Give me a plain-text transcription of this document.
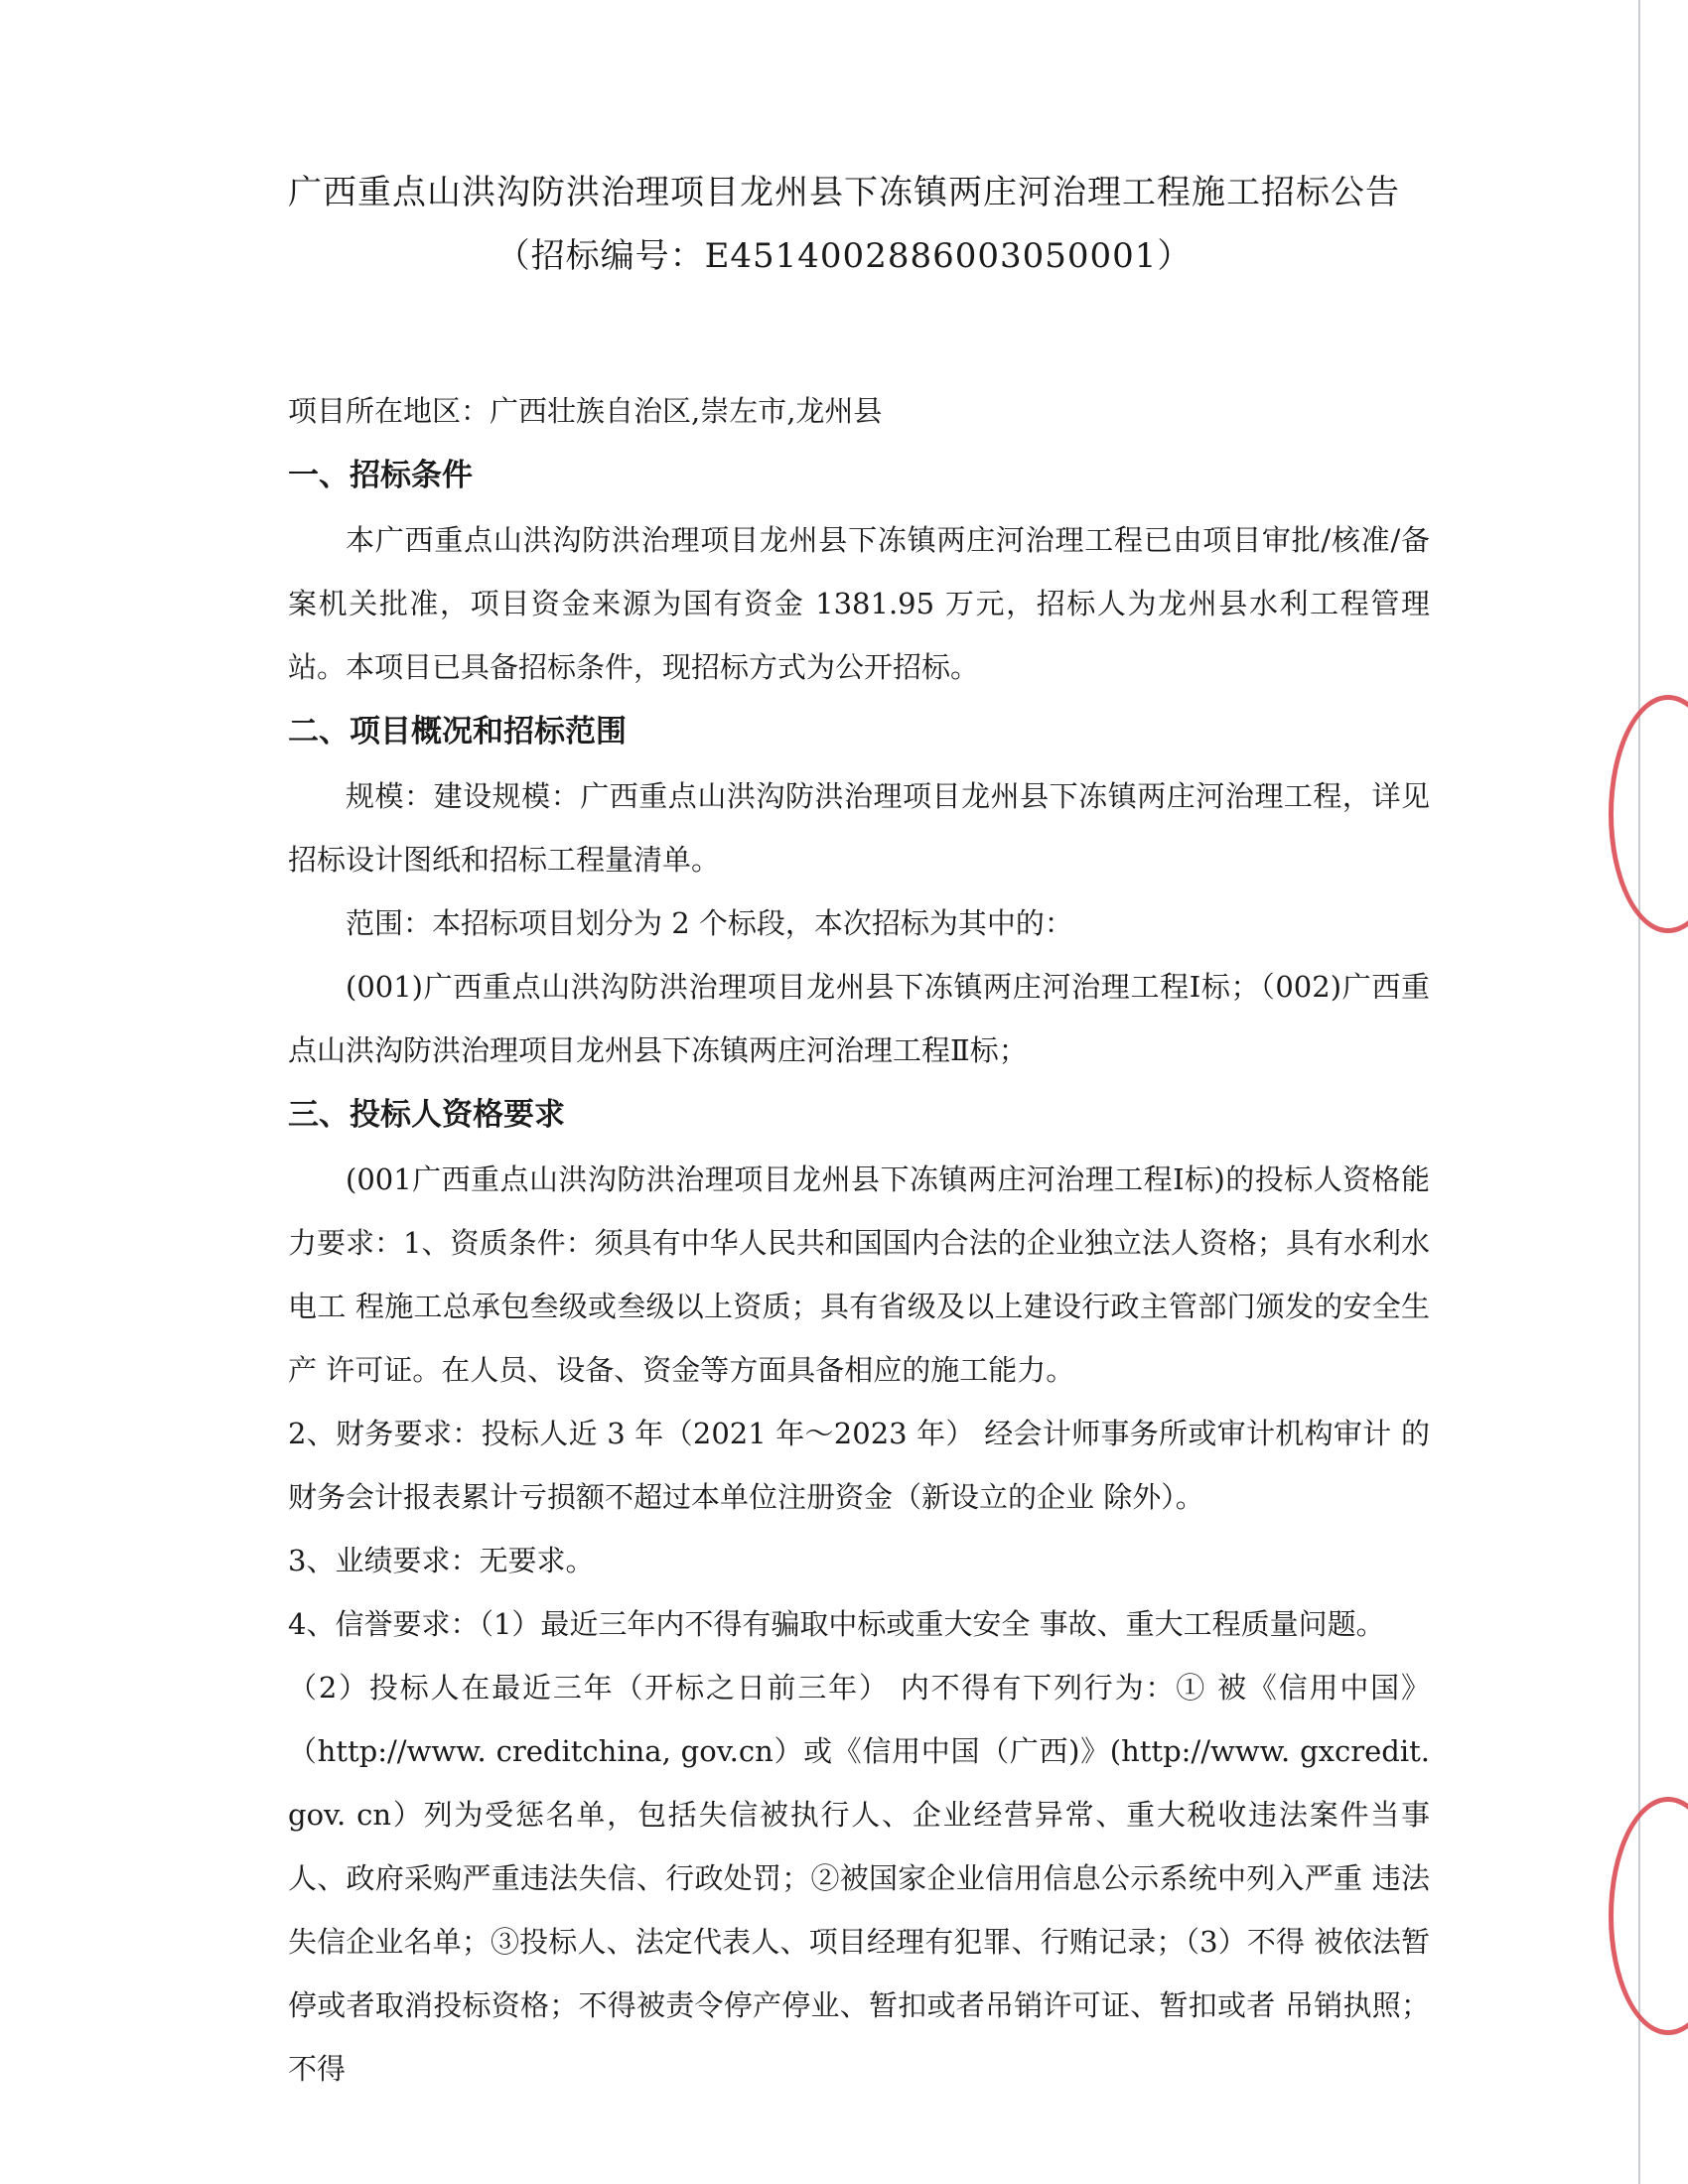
广西重点山洪沟防洪治理项目龙州县下冻镇两庄河治理工程施工招标公告
（招标编号：E4514002886003050001）

项目所在地区：广西壮族自治区,崇左市,龙州县

一、招标条件

本广西重点山洪沟防洪治理项目龙州县下冻镇两庄河治理工程已由项目审批/核准/备案机关批准，项目资金来源为国有资金 1381.95 万元，招标人为龙州县水利工程管理站。本项目已具备招标条件，现招标方式为公开招标。

二、项目概况和招标范围

规模：建设规模：广西重点山洪沟防洪治理项目龙州县下冻镇两庄河治理工程，详见招标设计图纸和招标工程量清单。

范围：本招标项目划分为 2 个标段，本次招标为其中的：

(001)广西重点山洪沟防洪治理项目龙州县下冻镇两庄河治理工程Ⅰ标；（002)广西重点山洪沟防洪治理项目龙州县下冻镇两庄河治理工程Ⅱ标；

三、投标人资格要求

(001广西重点山洪沟防洪治理项目龙州县下冻镇两庄河治理工程Ⅰ标)的投标人资格能力要求：1、资质条件：须具有中华人民共和国国内合法的企业独立法人资格；具有水利水电工 程施工总承包叁级或叁级以上资质；具有省级及以上建设行政主管部门颁发的安全生产 许可证。在人员、设备、资金等方面具备相应的施工能力。

2、财务要求：投标人近 3 年（2021 年～2023 年） 经会计师事务所或审计机构审计 的财务会计报表累计亏损额不超过本单位注册资金（新设立的企业 除外）。

3、业绩要求：无要求。

4、信誉要求：（1）最近三年内不得有骗取中标或重大安全 事故、重大工程质量问题。

（2）投标人在最近三年（开标之日前三年） 内不得有下列行为：① 被《信用中国》（http://www. creditchina, gov.cn）或《信用中国（广西)》(http://www. gxcredit. gov. cn）列为受惩名单，包括失信被执行人、企业经营异常、重大税收违法案件当事 人、政府采购严重违法失信、行政处罚；②被国家企业信用信息公示系统中列入严重 违法失信企业名单；③投标人、法定代表人、项目经理有犯罪、行贿记录；（3）不得 被依法暂停或者取消投标资格；不得被责令停产停业、暂扣或者吊销许可证、暂扣或者 吊销执照；不得
